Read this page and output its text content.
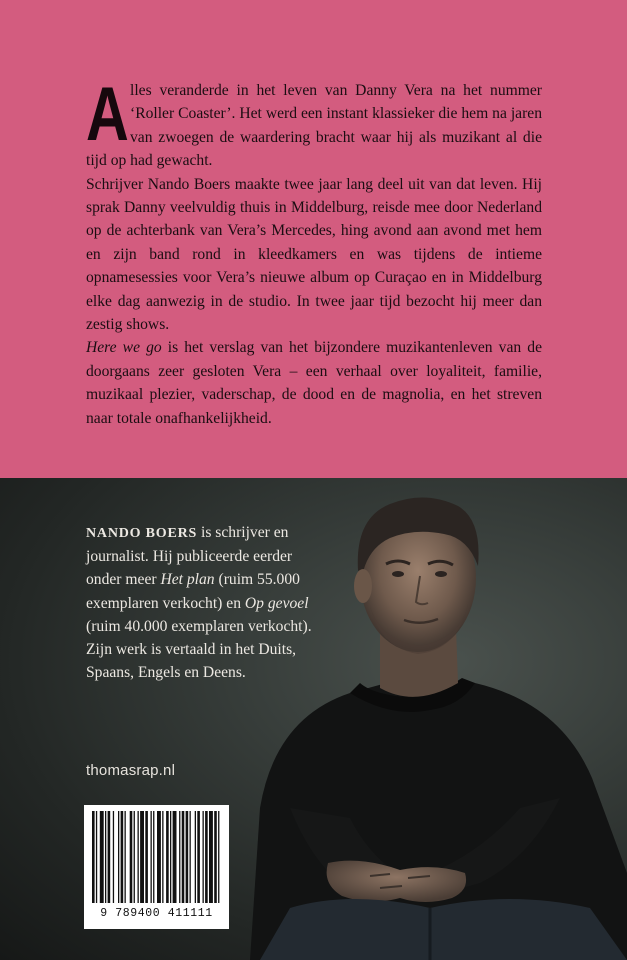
Alles veranderde in het leven van Danny Vera na het nummer ‘Roller Coaster’. Het werd een instant klassieker die hem na jaren van zwoegen de waardering bracht waar hij als muzikant al die tijd op had gewacht.

Schrijver Nando Boers maakte twee jaar lang deel uit van dat leven. Hij sprak Danny veelvuldig thuis in Middelburg, reisde mee door Nederland op de achterbank van Vera’s Mercedes, hing avond aan avond met hem en zijn band rond in kleedkamers en was tijdens de intieme opnamesessies voor Vera’s nieuwe album op Curaçao en in Middelburg elke dag aanwezig in de studio. In twee jaar tijd bezocht hij meer dan zestig shows.

Here we go is het verslag van het bijzondere muzikantenleven van de doorgaans zeer gesloten Vera – een verhaal over loyaliteit, familie, muzikaal plezier, vaderschap, de dood en de magnolia, en het streven naar totale onafhankelijkheid.

NANDO BOERS is schrijver en journalist. Hij publiceerde eerder onder meer Het plan (ruim 55.000 exemplaren verkocht) en Op gevoel (ruim 40.000 exemplaren verkocht). Zijn werk is vertaald in het Duits, Spaans, Engels en Deens.
thomasrap.nl
9 789400 411111
